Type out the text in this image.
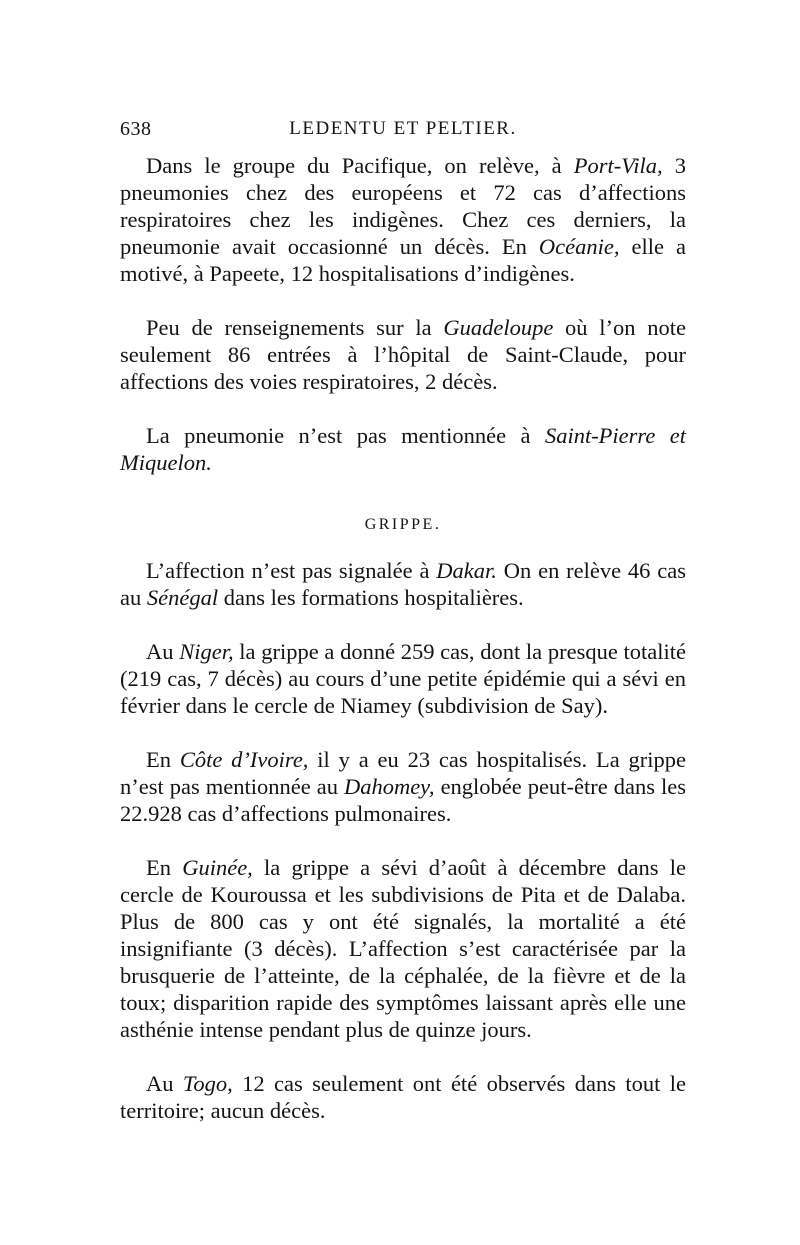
638	LEDENTU ET PELTIER.

Dans le groupe du Pacifique, on relève, à Port-Vila, 3 pneumonies chez des européens et 72 cas d’affections respiratoires chez les indigènes. Chez ces derniers, la pneumonie avait occasionné un décès. En Océanie, elle a motivé, à Papeete, 12 hospitalisations d’indigènes.

Peu de renseignements sur la Guadeloupe où l’on note seulement 86 entrées à l’hôpital de Saint-Claude, pour affections des voies respiratoires, 2 décès.

La pneumonie n’est pas mentionnée à Saint-Pierre et Miquelon.

GRIPPE.

L’affection n’est pas signalée à Dakar. On en relève 46 cas au Sénégal dans les formations hospitalières.

Au Niger, la grippe a donné 259 cas, dont la presque totalité (219 cas, 7 décès) au cours d’une petite épidémie qui a sévi en février dans le cercle de Niamey (subdivision de Say).

En Côte d’Ivoire, il y a eu 23 cas hospitalisés. La grippe n’est pas mentionnée au Dahomey, englobée peut-être dans les 22.928 cas d’affections pulmonaires.

En Guinée, la grippe a sévi d’août à décembre dans le cercle de Kouroussa et les subdivisions de Pita et de Dalaba. Plus de 800 cas y ont été signalés, la mortalité a été insignifiante (3 décès). L’affection s’est caractérisée par la brusquerie de l’atteinte, de la céphalée, de la fièvre et de la toux; disparition rapide des symptômes laissant après elle une asthénie intense pendant plus de quinze jours.

Au Togo, 12 cas seulement ont été observés dans tout le territoire; aucun décès.
